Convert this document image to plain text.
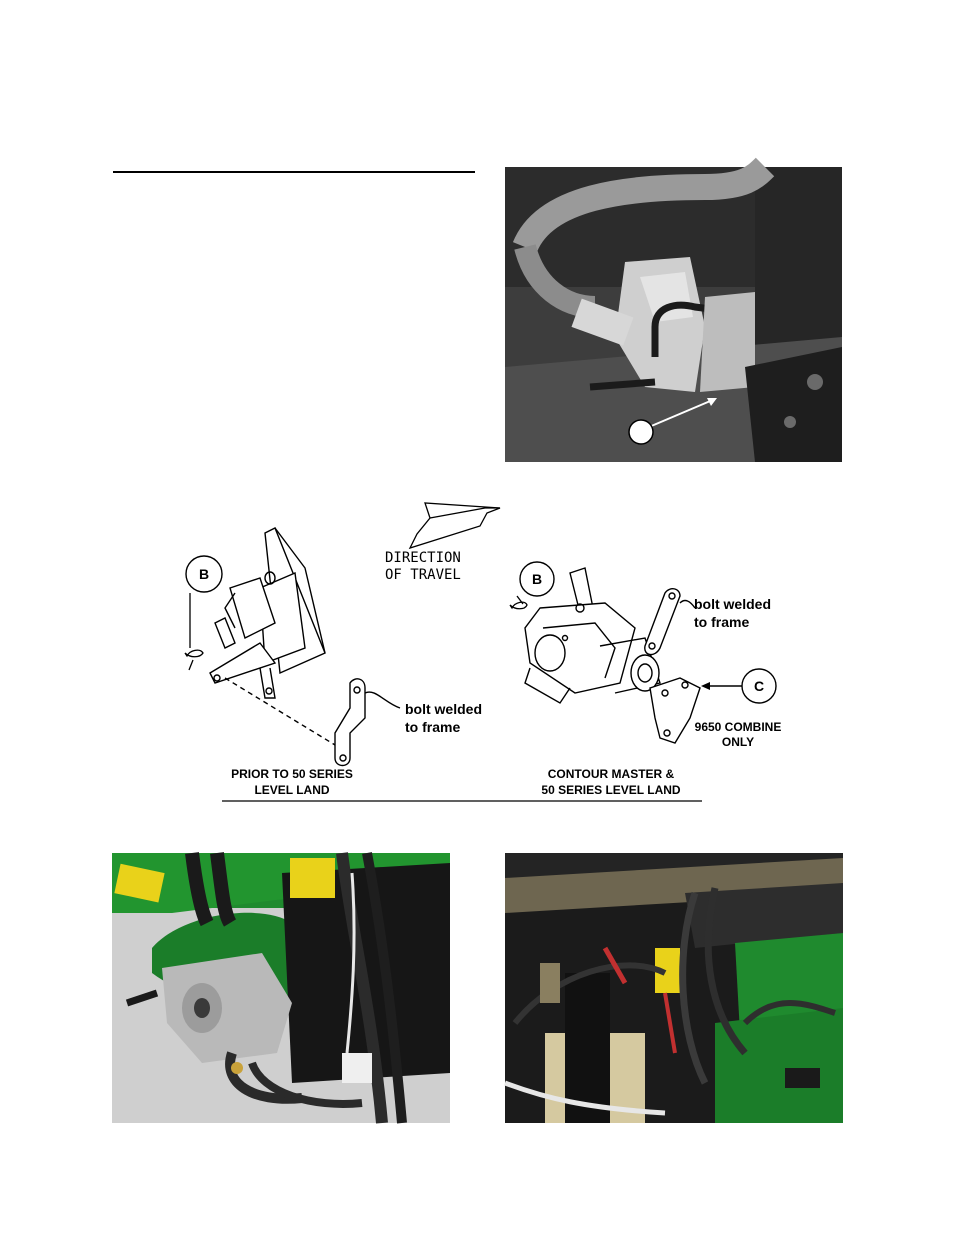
DIRECTION
OF TRAVEL
B
bolt welded
to frame
PRIOR TO 50 SERIES
LEVEL LAND
B
bolt welded
to frame
C
9650 COMBINE
ONLY
CONTOUR MASTER &
50 SERIES LEVEL LAND
